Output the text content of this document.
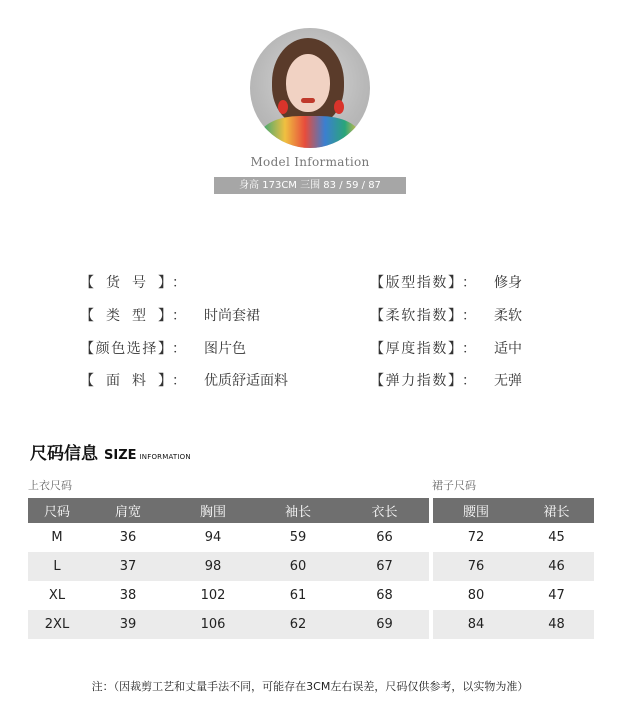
Model Information
身高 173CM 三围 83 / 59 / 87
【货号】：
【类型】： 时尚套裙
【颜色选择】： 图片色
【面料】： 优质舒适面料
【版型指数】： 修身
【柔软指数】： 柔软
【厚度指数】： 适中
【弹力指数】： 无弹
尺码信息 SIZE INFORMATION
上衣尺码	裙子尺码
尺码	肩宽	胸围	袖长	衣长
M	36	94	59	66
L	37	98	60	67
XL	38	102	61	68
2XL	39	106	62	69
腰围	裙长
72	45
76	46
80	47
84	48
注：（因裁剪工艺和丈量手法不同，可能存在3CM左右误差，尺码仅供参考，以实物为准）
